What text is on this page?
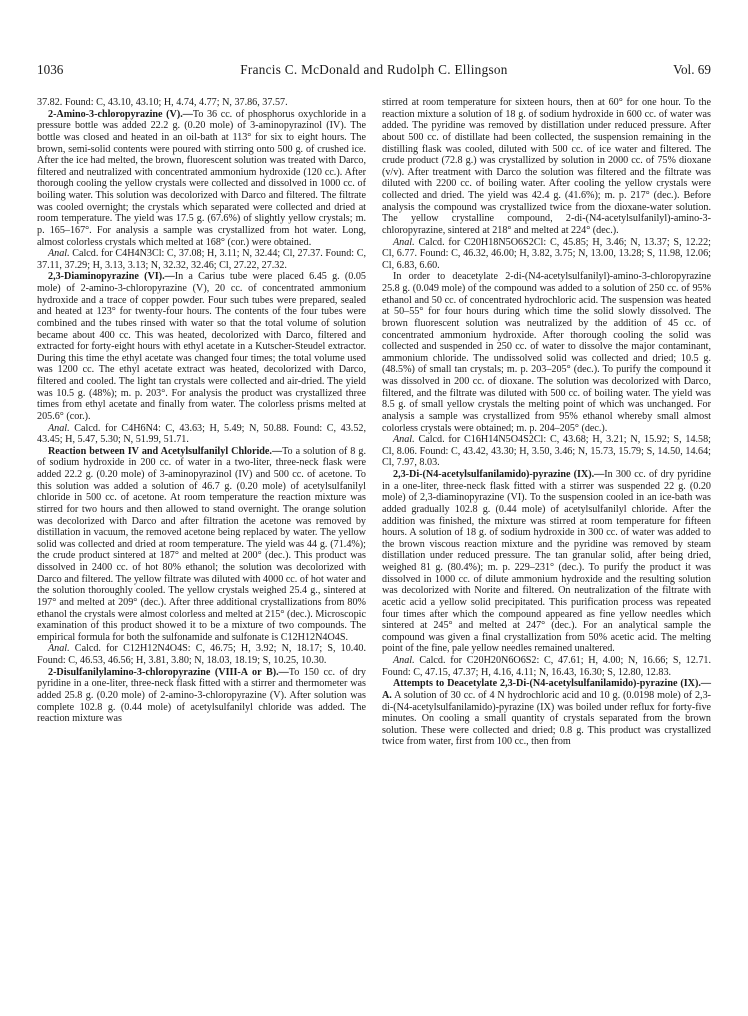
1036	Francis C. McDonald and Rudolph C. Ellingson	Vol. 69

37.82. Found: C, 43.10, 43.10; H, 4.74, 4.77; N, 37.86, 37.57.

2-Amino-3-chloropyrazine (V).—To 36 cc. of phosphorus oxychloride in a pressure bottle was added 22.2 g. (0.20 mole) of 3-aminopyrazinol (IV). The bottle was closed and heated in an oil-bath at 113° for six to eight hours. The brown, semi-solid contents were poured with stirring onto 500 g. of crushed ice. After the ice had melted, the brown, fluorescent solution was treated with Darco, filtered and neutralized with concentrated ammonium hydroxide (120 cc.). After thorough cooling the yellow crystals were collected and dissolved in 1000 cc. of boiling water. This solution was decolorized with Darco and filtered. The filtrate was cooled overnight; the crystals which separated were collected and dried at room temperature. The yield was 17.5 g. (67.6%) of slightly yellow crystals; m. p. 165–167°. For analysis a sample was crystallized from hot water. Long, almost colorless crystals which melted at 168° (cor.) were obtained.

Anal. Calcd. for C4H4N3Cl: C, 37.08; H, 3.11; N, 32.44; Cl, 27.37. Found: C, 37.11, 37.29; H, 3.13, 3.13; N, 32.32, 32.46; Cl, 27.22, 27.32.

2,3-Diaminopyrazine (VI).—In a Carius tube were placed 6.45 g. (0.05 mole) of 2-amino-3-chloropyrazine (V), 20 cc. of concentrated ammonium hydroxide and a trace of copper powder. Four such tubes were prepared, sealed and heated at 123° for twenty-four hours. The contents of the four tubes were combined and the tubes rinsed with water so that the total volume of solution became about 400 cc. This was heated, decolorized with Darco, filtered and extracted for forty-eight hours with ethyl acetate in a Kutscher-Steudel extractor. During this time the ethyl acetate was changed four times; the total volume used was 1200 cc. The ethyl acetate extract was heated, decolorized with Darco, filtered and cooled. The light tan crystals were collected and air-dried. The yield was 10.5 g. (48%); m. p. 203°. For analysis the product was crystallized three times from ethyl acetate and finally from water. The colorless prisms melted at 205.6° (cor.).

Anal. Calcd. for C4H6N4: C, 43.63; H, 5.49; N, 50.88. Found: C, 43.52, 43.45; H, 5.47, 5.30; N, 51.99, 51.71.

Reaction between IV and Acetylsulfanilyl Chloride.—To a solution of 8 g. of sodium hydroxide in 200 cc. of water in a two-liter, three-neck flask were added 22.2 g. (0.20 mole) of 3-aminopyrazinol (IV) and 500 cc. of acetone. To this solution was added a solution of 46.7 g. (0.20 mole) of acetylsulfanilyl chloride in 500 cc. of acetone. At room temperature the reaction mixture was stirred for two hours and then allowed to stand overnight. The orange solution was decolorized with Darco and after filtration the acetone was removed by distillation in vacuum, the removed acetone being replaced by water. The yellow solid was collected and dried at room temperature. The yield was 44 g. (71.4%); the crude product sintered at 187° and melted at 200° (dec.). This product was dissolved in 2400 cc. of hot 80% ethanol; the solution was decolorized with Darco and filtered. The yellow filtrate was diluted with 4000 cc. of hot water and the solution thoroughly cooled. The yellow crystals weighed 25.4 g., sintered at 197° and melted at 209° (dec.). After three additional crystallizations from 80% ethanol the crystals were almost colorless and melted at 215° (dec.). Microscopic examination of this product showed it to be a mixture of two compounds. The empirical formula for both the sulfonamide and sulfonate is C12H12N4O4S.

Anal. Calcd. for C12H12N4O4S: C, 46.75; H, 3.92; N, 18.17; S, 10.40. Found: C, 46.53, 46.56; H, 3.81, 3.80; N, 18.03, 18.19; S, 10.25, 10.30.

2-Disulfanilylamino-3-chloropyrazine (VIII-A or B).—To 150 cc. of dry pyridine in a one-liter, three-neck flask fitted with a stirrer and thermometer was added 25.8 g. (0.20 mole) of 2-amino-3-chloropyrazine (V). After solution was complete 102.8 g. (0.44 mole) of acetylsulfanilyl chloride was added. The reaction mixture was

stirred at room temperature for sixteen hours, then at 60° for one hour. To the reaction mixture a solution of 18 g. of sodium hydroxide in 600 cc. of water was added. The pyridine was removed by distillation under reduced pressure. After about 500 cc. of distillate had been collected, the suspension remaining in the distilling flask was cooled, diluted with 500 cc. of ice water and filtered. The crude product (72.8 g.) was crystallized by solution in 2000 cc. of 75% dioxane (v/v). After treatment with Darco the solution was filtered and the filtrate was diluted with 2200 cc. of boiling water. After cooling the yellow crystals were collected and dried. The yield was 42.4 g. (41.6%); m. p. 217° (dec.). Before analysis the compound was crystallized twice from the dioxane-water solution. The yellow crystalline compound, 2-di-(N4-acetylsulfanilyl)-amino-3-chloropyrazine, sintered at 218° and melted at 224° (dec.).

Anal. Calcd. for C20H18N5O6S2Cl: C, 45.85; H, 3.46; N, 13.37; S, 12.22; Cl, 6.77. Found: C, 46.32, 46.00; H, 3.82, 3.75; N, 13.00, 13.28; S, 11.98, 12.06; Cl, 6.83, 6.60.

In order to deacetylate 2-di-(N4-acetylsulfanilyl)-amino-3-chloropyrazine 25.8 g. (0.049 mole) of the compound was added to a solution of 250 cc. of 95% ethanol and 50 cc. of concentrated hydrochloric acid. The suspension was heated at 50–55° for four hours during which time the solid slowly dissolved. The brown fluorescent solution was neutralized by the addition of 45 cc. of concentrated ammonium hydroxide. After thorough cooling the solid was collected and suspended in 250 cc. of water to dissolve the major contaminant, ammonium chloride. The undissolved solid was collected and dried; 10.5 g. (48.5%) of small tan crystals; m. p. 203–205° (dec.). To purify the compound it was dissolved in 200 cc. of dioxane. The solution was decolorized with Darco, filtered, and the filtrate was diluted with 500 cc. of boiling water. The yield was 8.5 g. of small yellow crystals the melting point of which was unchanged. For analysis a sample was crystallized from 95% ethanol whereby small almost colorless crystals were obtained; m. p. 204–205° (dec.).

Anal. Calcd. for C16H14N5O4S2Cl: C, 43.68; H, 3.21; N, 15.92; S, 14.58; Cl, 8.06. Found: C, 43.42, 43.30; H, 3.50, 3.46; N, 15.73, 15.79; S, 14.50, 14.64; Cl, 7.97, 8.03.

2,3-Di-(N4-acetylsulfanilamido)-pyrazine (IX).—In 300 cc. of dry pyridine in a one-liter, three-neck flask fitted with a stirrer was suspended 22 g. (0.20 mole) of 2,3-diaminopyrazine (VI). To the suspension cooled in an ice-bath was added gradually 102.8 g. (0.44 mole) of acetylsulfanilyl chloride. After the addition was finished, the mixture was stirred at room temperature for fifteen hours. A solution of 18 g. of sodium hydroxide in 300 cc. of water was added to the brown viscous reaction mixture and the pyridine was removed by steam distillation under reduced pressure. The tan granular solid, after being dried, weighed 81 g. (80.4%); m. p. 229–231° (dec.). To purify the product it was dissolved in 1000 cc. of dilute ammonium hydroxide and the resulting solution was decolorized with Norite and filtered. On neutralization of the filtrate with acetic acid a yellow solid precipitated. This purification process was repeated four times after which the compound appeared as fine yellow needles which sintered at 245° and melted at 247° (dec.). For an analytical sample the compound was given a final crystallization from 50% acetic acid. The melting point of the fine, pale yellow needles remained unaltered.

Anal. Calcd. for C20H20N6O6S2: C, 47.61; H, 4.00; N, 16.66; S, 12.71. Found: C, 47.15, 47.37; H, 4.16, 4.11; N, 16.43, 16.30; S, 12.80, 12.83.

Attempts to Deacetylate 2,3-Di-(N4-acetylsulfanilamido)-pyrazine (IX).—A. A solution of 30 cc. of 4 N hydrochloric acid and 10 g. (0.0198 mole) of 2,3-di-(N4-acetylsulfanilamido)-pyrazine (IX) was boiled under reflux for forty-five minutes. On cooling a small quantity of crystals separated from the brown solution. These were collected and dried; 0.8 g. This product was crystallized twice from water, first from 100 cc., then from
